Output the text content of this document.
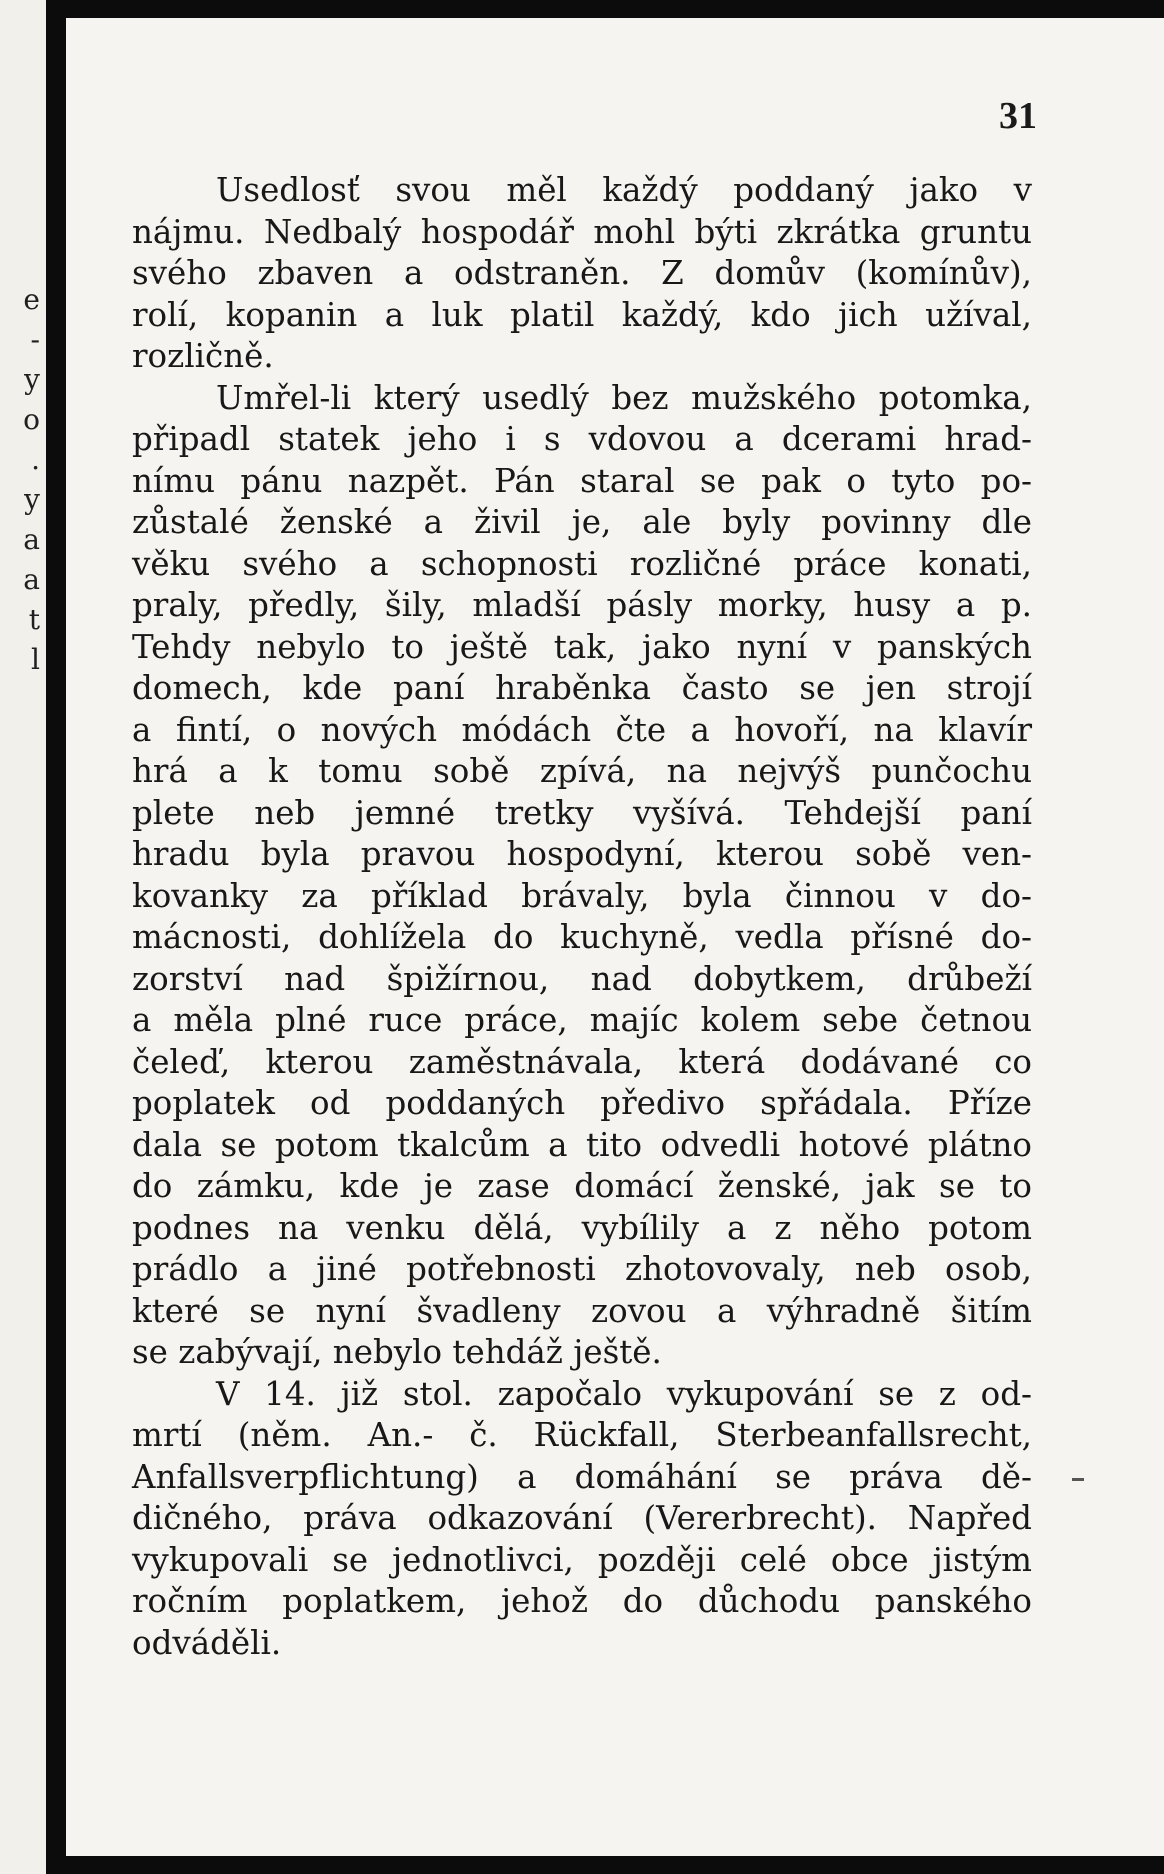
e
-
y
o
.
y
a
a
t
l
31
Usedlosť svou měl každý poddaný jako v
nájmu. Nedbalý hospodář mohl býti zkrátka gruntu
svého zbaven a odstraněn. Z domův (komínův),
rolí, kopanin a luk platil každý, kdo jich užíval,
rozličně.
Umřel-li který usedlý bez mužského potomka,
připadl statek jeho i s vdovou a dcerami hrad-
nímu pánu nazpět. Pán staral se pak o tyto po-
zůstalé ženské a živil je, ale byly povinny dle
věku svého a schopnosti rozličné práce konati,
praly, předly, šily, mladší pásly morky, husy a p.
Tehdy nebylo to ještě tak, jako nyní v panských
domech, kde paní hraběnka často se jen strojí
a fintí, o nových módách čte a hovoří, na klavír
hrá a k tomu sobě zpívá, na nejvýš punčochu
plete neb jemné tretky vyšívá. Tehdejší paní
hradu byla pravou hospodyní, kterou sobě ven-
kovanky za příklad brávaly, byla činnou v do-
mácnosti, dohlížela do kuchyně, vedla přísné do-
zorství nad špižírnou, nad dobytkem, drůbeží
a měla plné ruce práce, majíc kolem sebe četnou
čeleď, kterou zaměstnávala, která dodávané co
poplatek od poddaných předivo spřádala. Příze
dala se potom tkalcům a tito odvedli hotové plátno
do zámku, kde je zase domácí ženské, jak se to
podnes na venku dělá, vybílily a z něho potom
prádlo a jiné potřebnosti zhotovovaly, neb osob,
které se nyní švadleny zovou a výhradně šitím
se zabývají, nebylo tehdáž ještě.
V 14. již stol. započalo vykupování se z od-
mrtí (něm. An.- č. Rückfall, Sterbeanfallsrecht,
Anfallsverpflichtung) a domáhání se práva dě-
dičného, práva odkazování (Vererbrecht). Napřed
vykupovali se jednotlivci, později celé obce jistým
ročním poplatkem, jehož do důchodu panského
odváděli.
